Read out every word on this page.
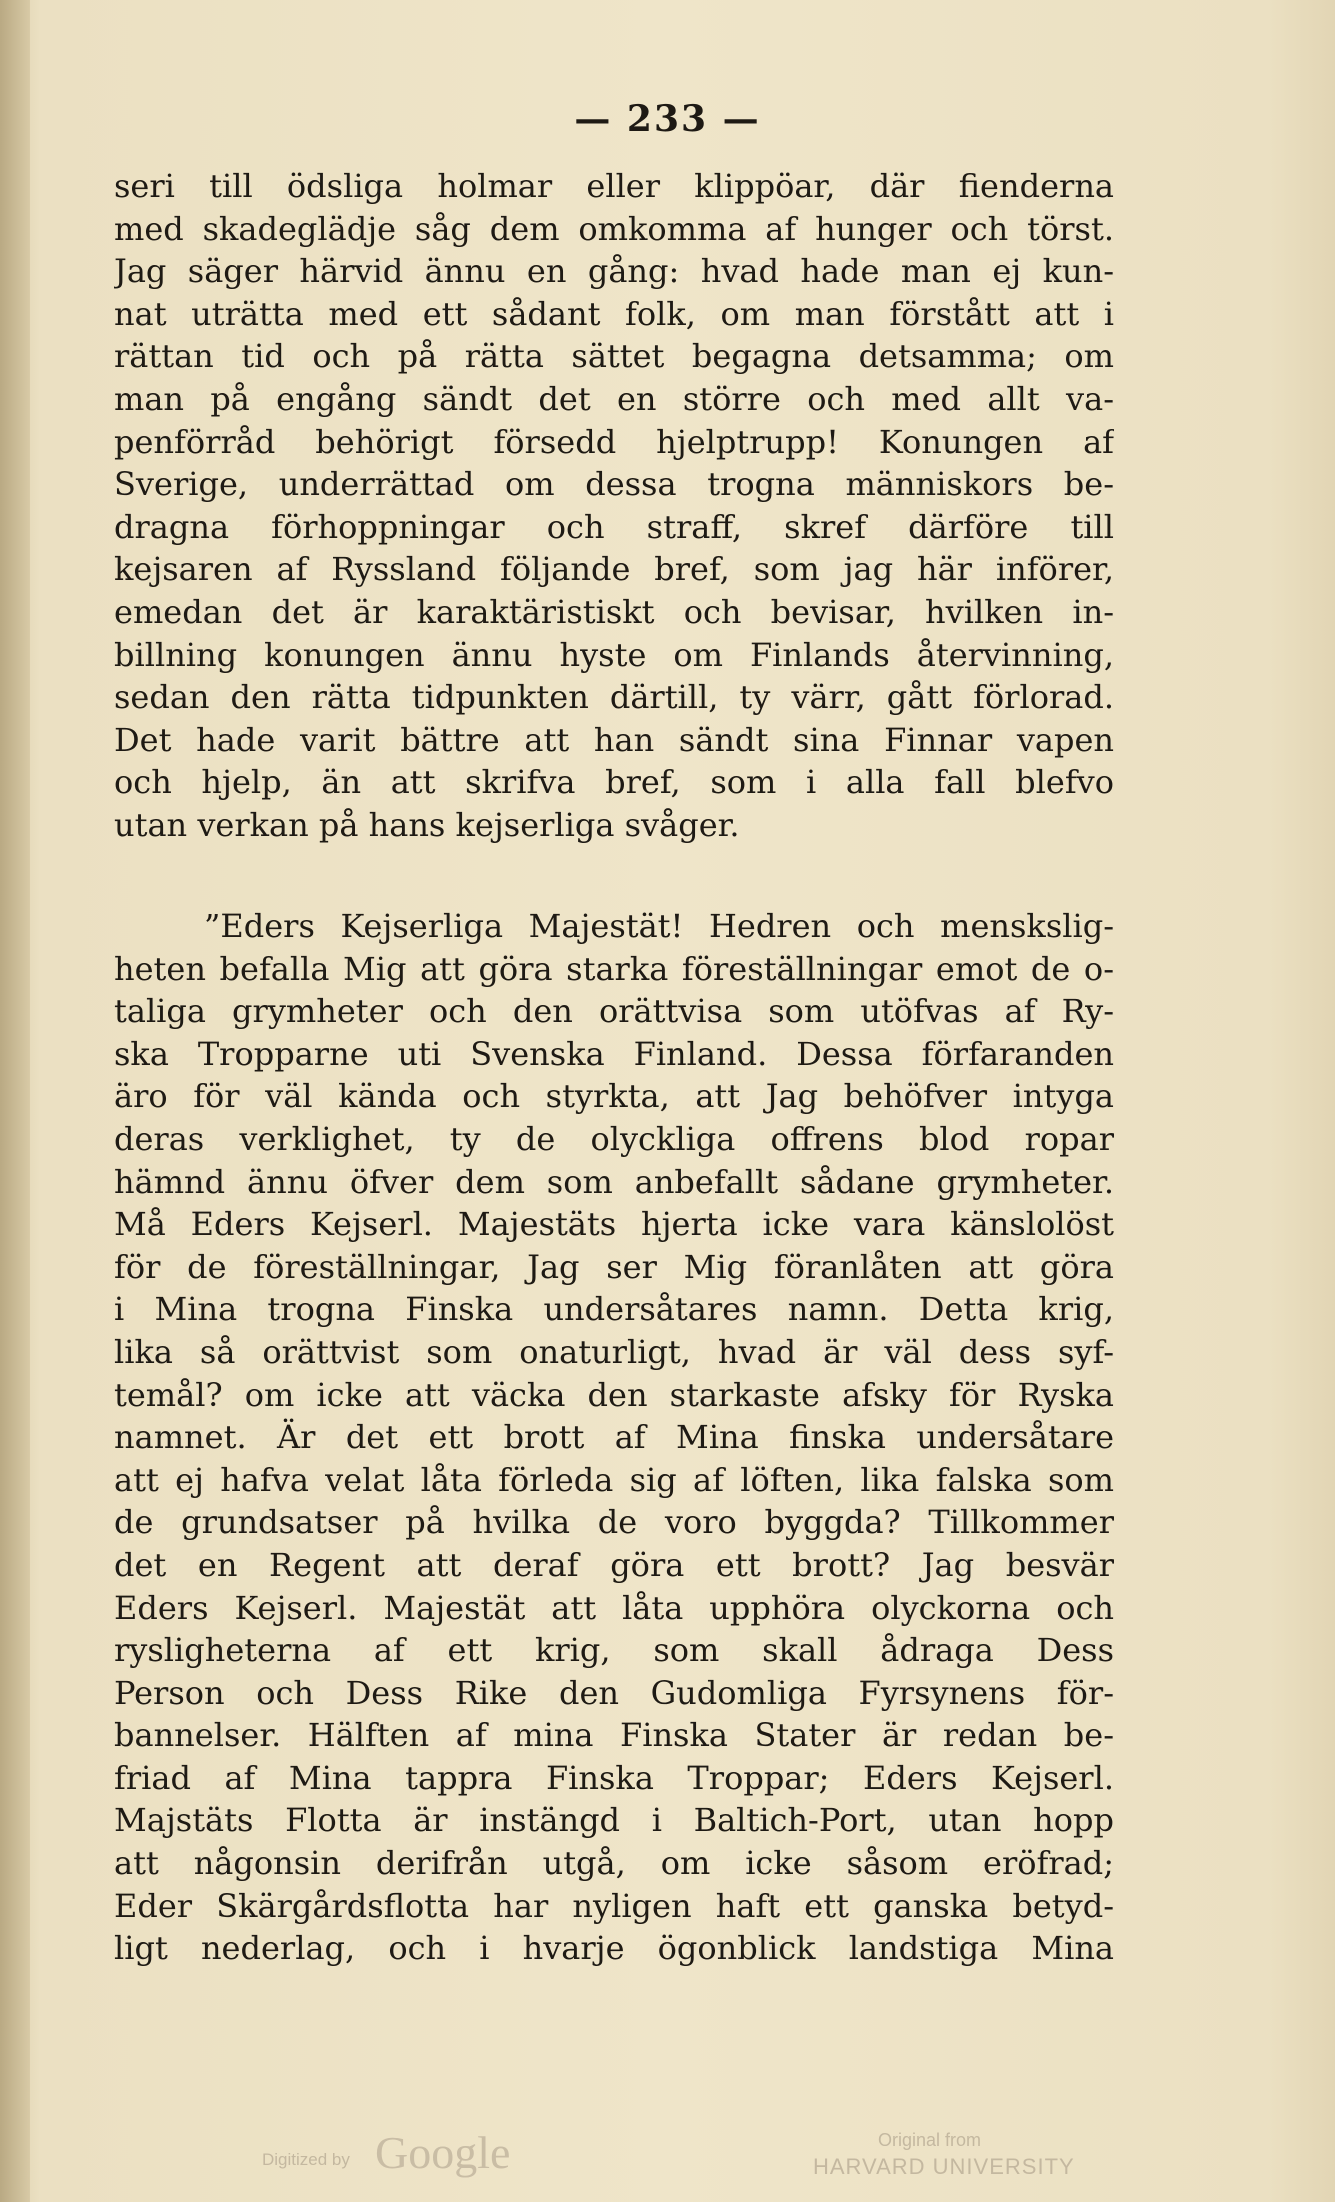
— 233 —
seri till ödsliga holmar eller klippöar, där fienderna
med skadeglädje såg dem omkomma af hunger och törst.
Jag säger härvid ännu en gång: hvad hade man ej kun-
nat uträtta med ett sådant folk, om man förstått att i
rättan tid och på rätta sättet begagna detsamma; om
man på engång sändt det en större och med allt va-
penförråd behörigt försedd hjelptrupp! Konungen af
Sverige, underrättad om dessa trogna människors be-
dragna förhoppningar och straff, skref därföre till
kejsaren af Ryssland följande bref, som jag här införer,
emedan det är karaktäristiskt och bevisar, hvilken in-
billning konungen ännu hyste om Finlands återvinning,
sedan den rätta tidpunkten därtill, ty värr, gått förlorad.
Det hade varit bättre att han sändt sina Finnar vapen
och hjelp, än att skrifva bref, som i alla fall blefvo
utan verkan på hans kejserliga svåger.
”Eders Kejserliga Majestät! Hedren och menskslig-
heten befalla Mig att göra starka föreställningar emot de o-
taliga grymheter och den orättvisa som utöfvas af Ry-
ska Tropparne uti Svenska Finland. Dessa förfaranden
äro för väl kända och styrkta, att Jag behöfver intyga
deras verklighet, ty de olyckliga offrens blod ropar
hämnd ännu öfver dem som anbefallt sådane grymheter.
Må Eders Kejserl. Majestäts hjerta icke vara känslolöst
för de föreställningar, Jag ser Mig föranlåten att göra
i Mina trogna Finska undersåtares namn. Detta krig,
lika så orättvist som onaturligt, hvad är väl dess syf-
temål? om icke att väcka den starkaste afsky för Ryska
namnet. Är det ett brott af Mina finska undersåtare
att ej hafva velat låta förleda sig af löften, lika falska som
de grundsatser på hvilka de voro byggda? Tillkommer
det en Regent att deraf göra ett brott? Jag besvär
Eders Kejserl. Majestät att låta upphöra olyckorna och
rysligheterna af ett krig, som skall ådraga Dess
Person och Dess Rike den Gudomliga Fyrsynens för-
bannelser. Hälften af mina Finska Stater är redan be-
friad af Mina tappra Finska Troppar; Eders Kejserl.
Majstäts Flotta är instängd i Baltich-Port, utan hopp
att någonsin derifrån utgå, om icke såsom eröfrad;
Eder Skärgårdsflotta har nyligen haft ett ganska betyd-
ligt nederlag, och i hvarje ögonblick landstiga Mina
Digitized by Google	Original from
HARVARD UNIVERSITY
